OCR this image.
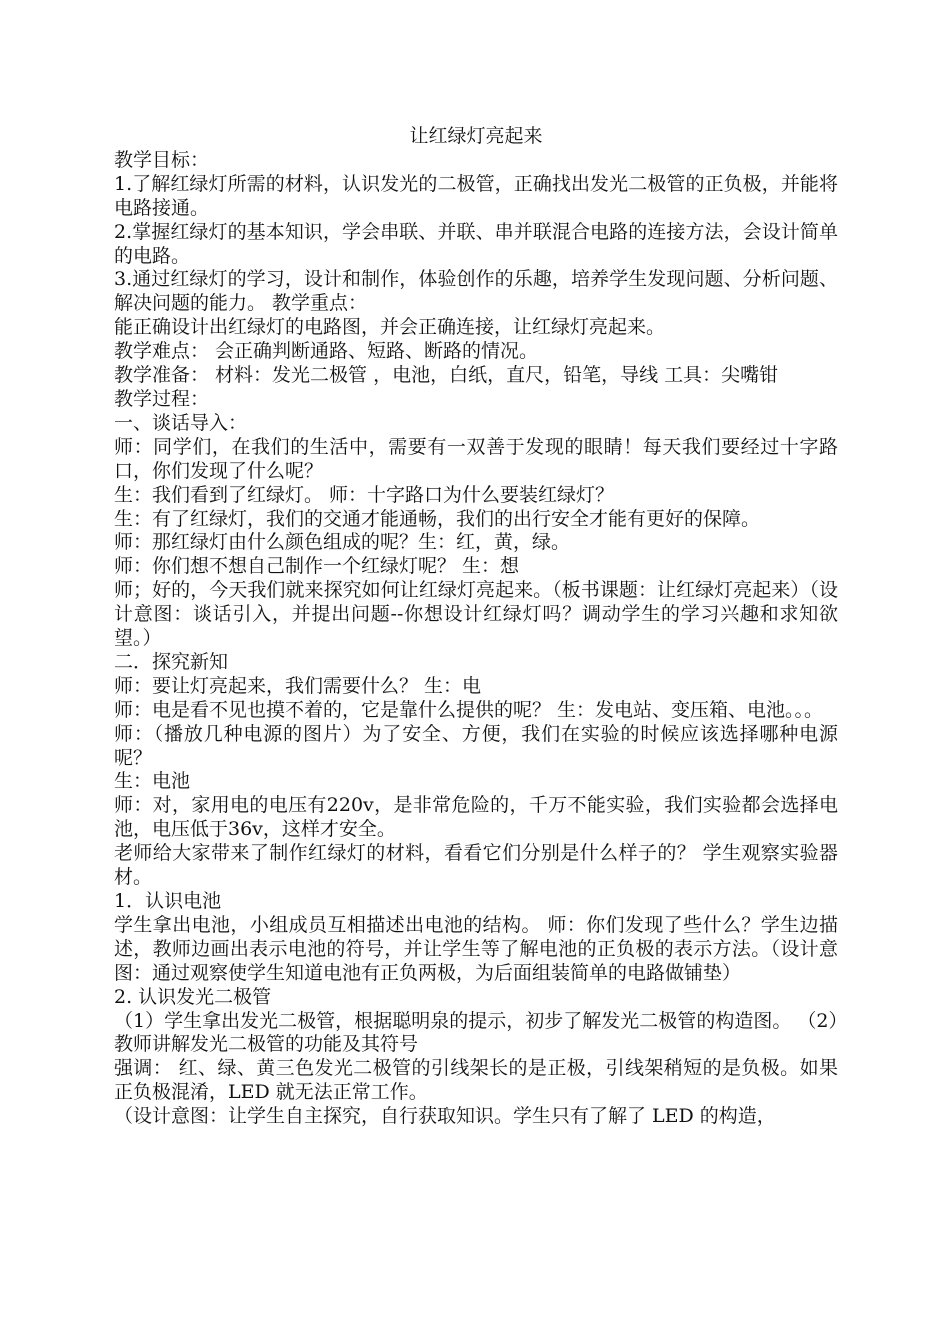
让红绿灯亮起来

教学目标：

1.了解红绿灯所需的材料，认识发光的二极管，正确找出发光二极管的正负极，并能将电路接通。

2.掌握红绿灯的基本知识，学会串联、并联、串并联混合电路的连接方法，会设计简单的电路。

3.通过红绿灯的学习，设计和制作，体验创作的乐趣，培养学生发现问题、分析问题、解决问题的能力。 教学重点：

能正确设计出红绿灯的电路图，并会正确连接，让红绿灯亮起来。

教学难点： 会正确判断通路、短路、断路的情况。

教学准备： 材料：发光二极管 ，电池，白纸，直尺，铅笔，导线 工具：尖嘴钳

教学过程：

一、谈话导入：

师：同学们，在我们的生活中，需要有一双善于发现的眼睛！每天我们要经过十字路口，你们发现了什么呢？

生：我们看到了红绿灯。 师：十字路口为什么要装红绿灯？

生：有了红绿灯，我们的交通才能通畅，我们的出行安全才能有更好的保障。

师：那红绿灯由什么颜色组成的呢？生：红，黄，绿。

师：你们想不想自己制作一个红绿灯呢？ 生：想

师；好的，今天我们就来探究如何让红绿灯亮起来。（板书课题：让红绿灯亮起来）（设计意图：谈话引入，并提出问题--你想设计红绿灯吗？调动学生的学习兴趣和求知欲望。）

二．探究新知

师：要让灯亮起来，我们需要什么？ 生：电

师：电是看不见也摸不着的，它是靠什么提供的呢？ 生：发电站、变压箱、电池。。。

师：（播放几种电源的图片）为了安全、方便，我们在实验的时候应该选择哪种电源呢？

生：电池

师：对，家用电的电压有220v，是非常危险的，千万不能实验，我们实验都会选择电池，电压低于36v，这样才安全。

老师给大家带来了制作红绿灯的材料，看看它们分别是什么样子的？ 学生观察实验器材。

1．认识电池

学生拿出电池，小组成员互相描述出电池的结构。 师：你们发现了些什么？学生边描述，教师边画出表示电池的符号，并让学生等了解电池的正负极的表示方法。（设计意图：通过观察使学生知道电池有正负两极，为后面组装简单的电路做铺垫）

2. 认识发光二极管

（1）学生拿出发光二极管，根据聪明泉的提示，初步了解发光二极管的构造图。 （2）教师讲解发光二极管的功能及其符号

强调： 红、绿、黄三色发光二极管的引线架长的是正极，引线架稍短的是负极。如果正负极混淆，LED 就无法正常工作。

（设计意图：让学生自主探究，自行获取知识。学生只有了解了 LED 的构造，
